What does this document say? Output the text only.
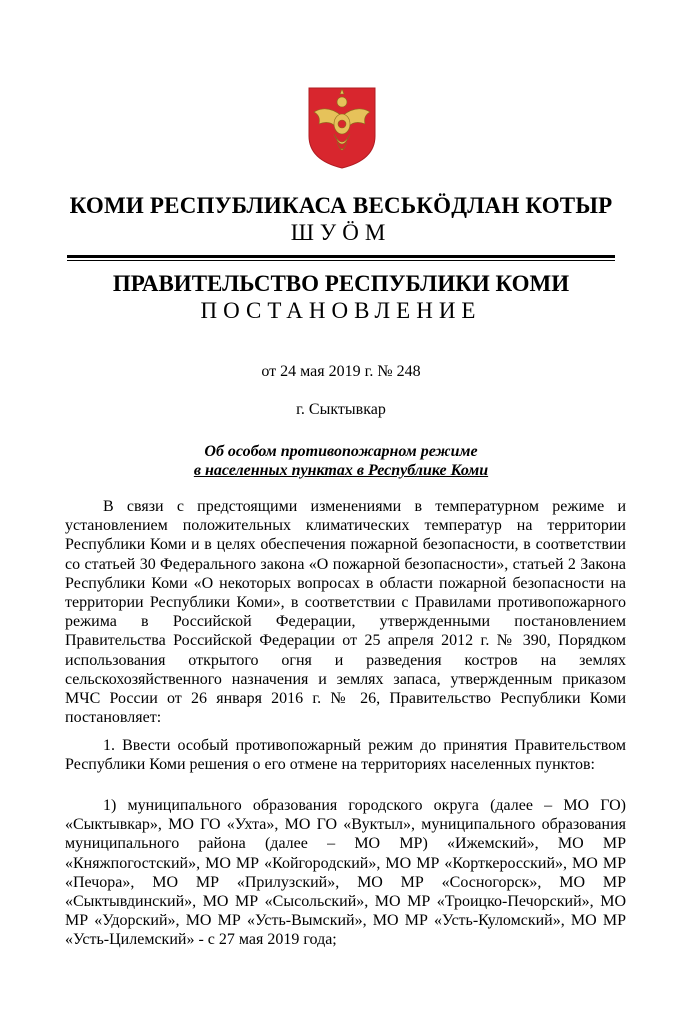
КОМИ РЕСПУБЛИКАСА ВЕСЬКӦДЛАН КОТЫР
ШУӦМ
ПРАВИТЕЛЬСТВО РЕСПУБЛИКИ КОМИ
ПОСТАНОВЛЕНИЕ
от 24 мая 2019 г. № 248
г. Сыктывкар
Об особом противопожарном режиме
в населенных пунктах в Республике Коми

В связи с предстоящими изменениями в температурном режиме и установлением положительных климатических температур на территории Республики Коми и в целях обеспечения пожарной безопасности, в соответствии со статьей 30 Федерального закона «О пожарной безопасности», статьей 2 Закона Республики Коми «О некоторых вопросах в области пожарной безопасности на территории Республики Коми», в соответствии с Правилами противопожарного режима в Российской Федерации, утвержденными постановлением Правительства Российской Федерации от 25 апреля 2012 г. № 390, Порядком использования открытого огня и разведения костров на землях сельскохозяйственного назначения и землях запаса, утвержденным приказом МЧС России от 26 января 2016 г. № 26, Правительство Республики Коми постановляет:

1. Ввести особый противопожарный режим до принятия Правительством Республики Коми решения о его отмене на территориях населенных пунктов:

1) муниципального образования городского округа (далее – МО ГО) «Сыктывкар», МО ГО «Ухта», МО ГО «Вуктыл», муниципального образования муниципального района (далее – МО МР) «Ижемский», МО МР «Княжпогостский», МО МР «Койгородский», МО МР «Корткеросский», МО МР «Печора», МО МР «Прилузский», МО МР «Сосногорск», МО МР «Сыктывдинский», МО МР «Сысольский», МО МР «Троицко-Печорский», МО МР «Удорский», МО МР «Усть-Вымский», МО МР «Усть-Куломский», МО МР «Усть-Цилемский» - с 27 мая 2019 года;
